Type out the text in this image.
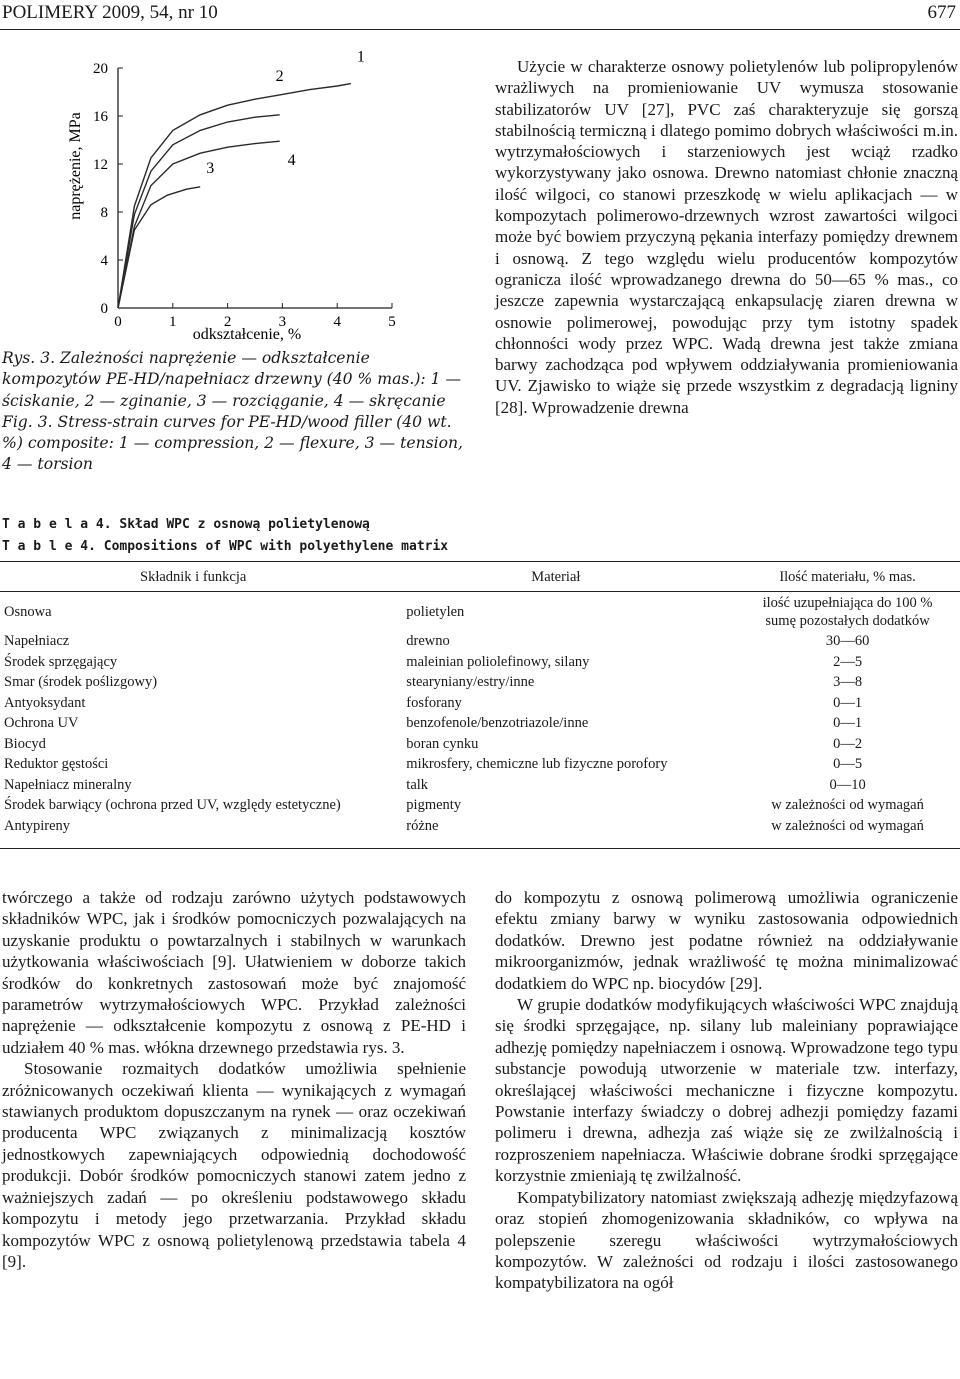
POLIMERY 2009, 54, nr 10	677
1
2
3	4
0	1	2	3	4	5
0
4
8
12
16
20
naprężenie, MPa
odkształcenie, %

Rys. 3. Zależności naprężenie — odkształcenie kompozytów PE-HD/napełniacz drzewny (40 % mas.): 1 — ściskanie, 2 — zginanie, 3 — rozciąganie, 4 — skręcanie

Fig. 3. Stress-strain curves for PE-HD/wood filler (40 wt. %) composite: 1 — compression, 2 — flexure, 3 — tension, 4 — torsion

Użycie w charakterze osnowy polietylenów lub polipropylenów wrażliwych na promieniowanie UV wymusza stosowanie stabilizatorów UV [27], PVC zaś charakteryzuje się gorszą stabilnością termiczną i dlatego pomimo dobrych właściwości m.in. wytrzymałościowych i starzeniowych jest wciąż rzadko wykorzystywany jako osnowa. Drewno natomiast chłonie znaczną ilość wilgoci, co stanowi przeszkodę w wielu aplikacjach — w kompozytach polimerowo-drzewnych wzrost zawartości wilgoci może być bowiem przyczyną pękania interfazy pomiędzy drewnem i osnową. Z tego względu wielu producentów kompozytów ogranicza ilość wprowadzanego drewna do 50—65 % mas., co jeszcze zapewnia wystarczającą enkapsulację ziaren drewna w osnowie polimerowej, powodując przy tym istotny spadek chłonności wody przez WPC. Wadą drewna jest także zmiana barwy zachodząca pod wpływem oddziaływania promieniowania UV. Zjawisko to wiąże się przede wszystkim z degradacją ligniny [28]. Wprowadzenie drewna

T a b e l a 4. Skład WPC z osnową polietylenową
T a b l e 4. Compositions of WPC with polyethylene matrix
Składnik i funkcja	Materiał	Ilość materiału, % mas.
Osnowa	polietylen	ilość uzupełniająca do 100 %
sumę pozostałych dodatków

Napełniacz	drewno	30—60
Środek sprzęgający	maleinian poliolefinowy, silany	2—5
Smar (środek poślizgowy)	stearyniany/estry/inne	3—8
Antyoksydant	fosforany	0—1
Ochrona UV	benzofenole/benzotriazole/inne	0—1
Biocyd	boran cynku	0—2
Reduktor gęstości	mikrosfery, chemiczne lub fizyczne porofory	0—5
Napełniacz mineralny	talk	0—10
Środek barwiący (ochrona przed UV, względy estetyczne)	pigmenty	w zależności od wymagań
Antypireny	różne	w zależności od wymagań

twórczego a także od rodzaju zarówno użytych podstawowych składników WPC, jak i środków pomocniczych pozwalających na uzyskanie produktu o powtarzalnych i stabilnych w warunkach użytkowania właściwościach [9]. Ułatwieniem w doborze takich środków do konkretnych zastosowań może być znajomość parametrów wytrzymałościowych WPC. Przykład zależności naprężenie — odkształcenie kompozytu z osnową z PE-HD i udziałem 40 % mas. włókna drzewnego przedstawia rys. 3.

Stosowanie rozmaitych dodatków umożliwia spełnienie zróżnicowanych oczekiwań klienta — wynikających z wymagań stawianych produktom dopuszczanym na rynek — oraz oczekiwań producenta WPC związanych z minimalizacją kosztów jednostkowych zapewniających odpowiednią dochodowość produkcji. Dobór środków pomocniczych stanowi zatem jedno z ważniejszych zadań — po określeniu podstawowego składu kompozytu i metody jego przetwarzania. Przykład składu kompozytów WPC z osnową polietylenową przedstawia tabela 4 [9].

do kompozytu z osnową polimerową umożliwia ograniczenie efektu zmiany barwy w wyniku zastosowania odpowiednich dodatków. Drewno jest podatne również na oddziaływanie mikroorganizmów, jednak wrażliwość tę można minimalizować dodatkiem do WPC np. biocydów [29].

W grupie dodatków modyfikujących właściwości WPC znajdują się środki sprzęgające, np. silany lub maleiniany poprawiające adhezję pomiędzy napełniaczem i osnową. Wprowadzone tego typu substancje powodują utworzenie w materiale tzw. interfazy, określającej właściwości mechaniczne i fizyczne kompozytu. Powstanie interfazy świadczy o dobrej adhezji pomiędzy fazami polimeru i drewna, adhezja zaś wiąże się ze zwilżalnością i rozproszeniem napełniacza. Właściwie dobrane środki sprzęgające korzystnie zmieniają tę zwilżalność.

Kompatybilizatory natomiast zwiększają adhezję międzyfazową oraz stopień zhomogenizowania składników, co wpływa na polepszenie szeregu właściwości wytrzymałościowych kompozytów. W zależności od rodzaju i ilości zastosowanego kompatybilizatora na ogół
